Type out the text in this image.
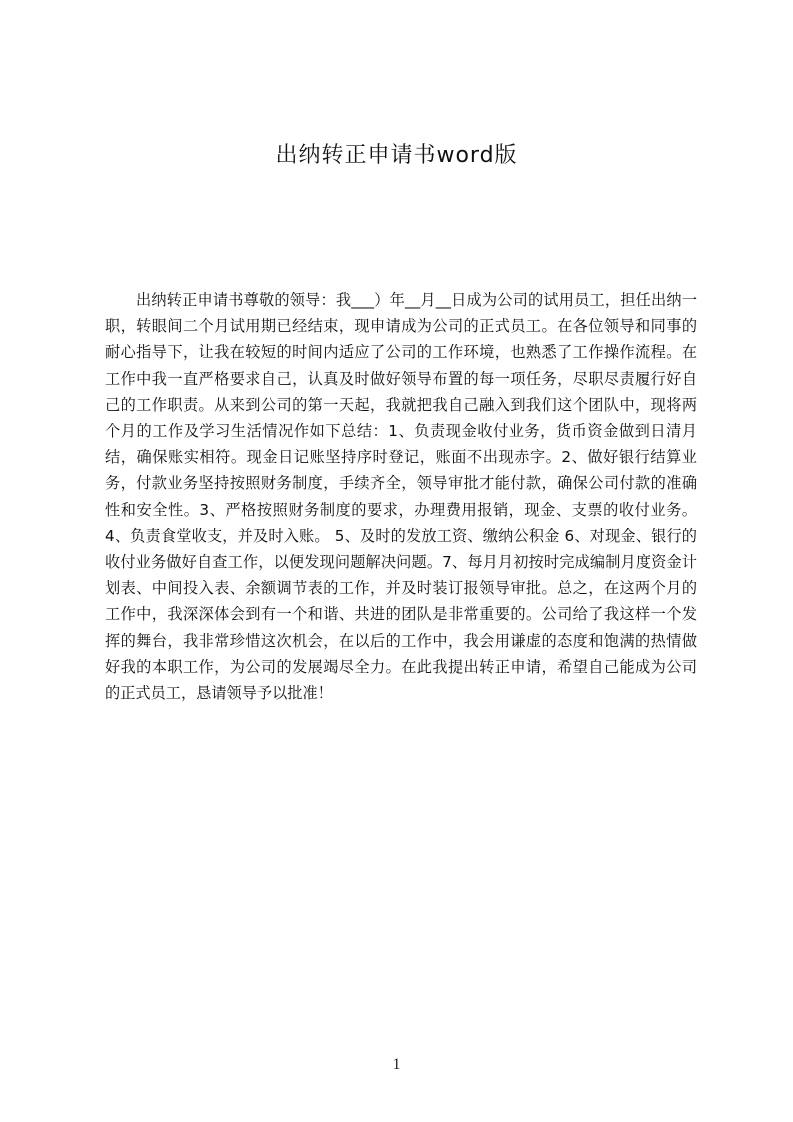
出纳转正申请书word版
出纳转正申请书尊敬的领导：我___）年__月__日成为公司的试用员工，担任出纳一职，转眼间二个月试用期已经结束，现申请成为公司的正式员工。在各位领导和同事的耐心指导下，让我在较短的时间内适应了公司的工作环境，也熟悉了工作操作流程。在工作中我一直严格要求自己，认真及时做好领导布置的每一项任务，尽职尽责履行好自己的工作职责。从来到公司的第一天起，我就把我自己融入到我们这个团队中，现将两个月的工作及学习生活情况作如下总结：1、负责现金收付业务，货币资金做到日清月结，确保账实相符。现金日记账坚持序时登记，账面不出现赤字。2、做好银行结算业务，付款业务坚持按照财务制度，手续齐全，领导审批才能付款，确保公司付款的准确性和安全性。3、严格按照财务制度的要求，办理费用报销，现金、支票的收付业务。4、负责食堂收支，并及时入账。 5、及时的发放工资、缴纳公积金 6、对现金、银行的收付业务做好自查工作，以便发现问题解决问题。7、每月月初按时完成编制月度资金计划表、中间投入表、余额调节表的工作，并及时装订报领导审批。总之，在这两个月的工作中，我深深体会到有一个和谐、共进的团队是非常重要的。公司给了我这样一个发挥的舞台，我非常珍惜这次机会，在以后的工作中，我会用谦虚的态度和饱满的热情做好我的本职工作，为公司的发展竭尽全力。在此我提出转正申请，希望自己能成为公司的正式员工，恳请领导予以批准！
1
